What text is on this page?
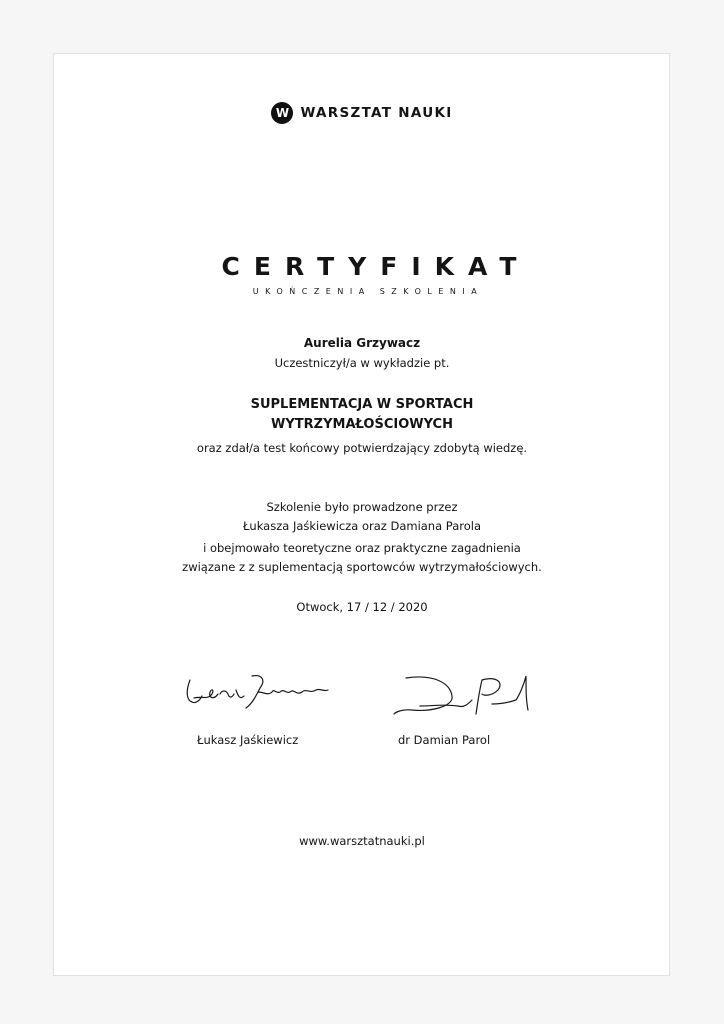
W WARSZTAT NAUKI
CERTYFIKAT
UKOŃCZENIA SZKOLENIA
Aurelia Grzywacz
Uczestniczył/a w wykładzie pt.
SUPLEMENTACJA W SPORTACH
WYTRZYMAŁOŚCIOWYCH
oraz zdał/a test końcowy potwierdzający zdobytą wiedzę.
Szkolenie było prowadzone przez
Łukasza Jaśkiewicza oraz Damiana Parola
i obejmowało teoretyczne oraz praktyczne zagadnienia
związane z z suplementacją sportowców wytrzymałościowych.
Otwock, 17 / 12 / 2020
Łukasz Jaśkiewicz	dr Damian Parol
www.warsztatnauki.pl
